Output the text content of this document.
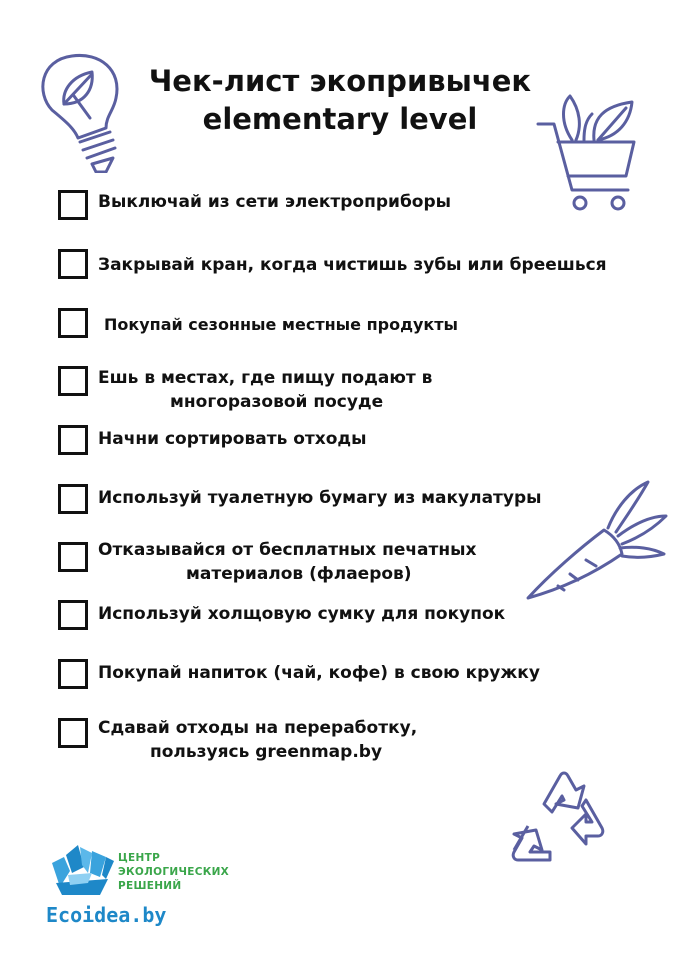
Чек-лист экопривычек
elementary level
Выключай из сети электроприборы
Закрывай кран, когда чистишь зубы или бреешься
Покупай сезонные местные продукты
Ешь в местах, где пищу подают в
многоразовой посуде
Начни сортировать отходы
Используй туалетную бумагу из макулатуры
Отказывайся от бесплатных печатных
материалов (флаеров)
Используй холщовую сумку для покупок
Покупай напиток (чай, кофе) в свою кружку
Сдавай отходы на переработку,
пользуясь greenmap.by
ЦЕНТР
ЭКОЛОГИЧЕСКИХ
РЕШЕНИЙ
Ecoidea.by
